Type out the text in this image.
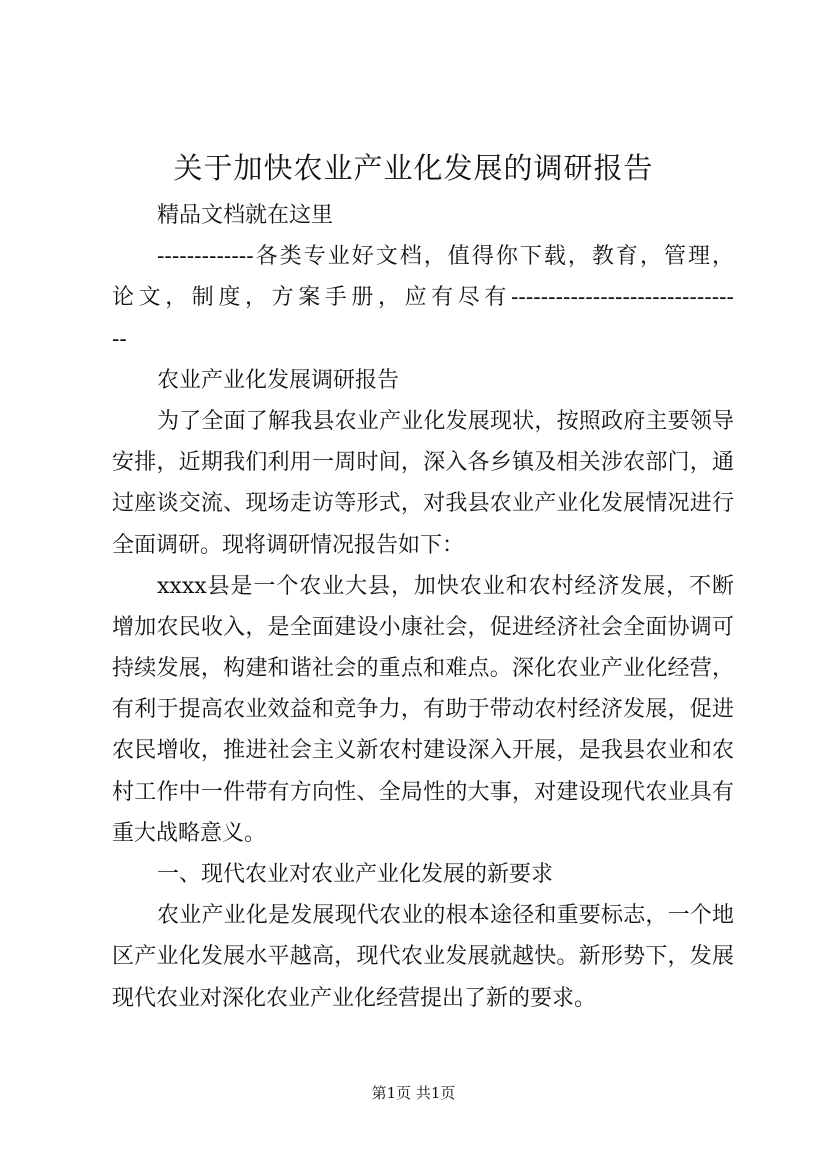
关于加快农业产业化发展的调研报告
精品文档就在这里
-------------各类专业好文档，值得你下载，教育，管理，
论文，制度，方案手册，应有尽有------------------------------
--
农业产业化发展调研报告
为了全面了解我县农业产业化发展现状，按照政府主要领导
安排，近期我们利用一周时间，深入各乡镇及相关涉农部门，通
过座谈交流、现场走访等形式，对我县农业产业化发展情况进行
全面调研。现将调研情况报告如下：
xxxx县是一个农业大县，加快农业和农村经济发展，不断
增加农民收入，是全面建设小康社会，促进经济社会全面协调可
持续发展，构建和谐社会的重点和难点。深化农业产业化经营，
有利于提高农业效益和竞争力，有助于带动农村经济发展，促进
农民增收，推进社会主义新农村建设深入开展，是我县农业和农
村工作中一件带有方向性、全局性的大事，对建设现代农业具有
重大战略意义。
一、现代农业对农业产业化发展的新要求
农业产业化是发展现代农业的根本途径和重要标志，一个地
区产业化发展水平越高，现代农业发展就越快。新形势下，发展
现代农业对深化农业产业化经营提出了新的要求。
第1页 共1页
